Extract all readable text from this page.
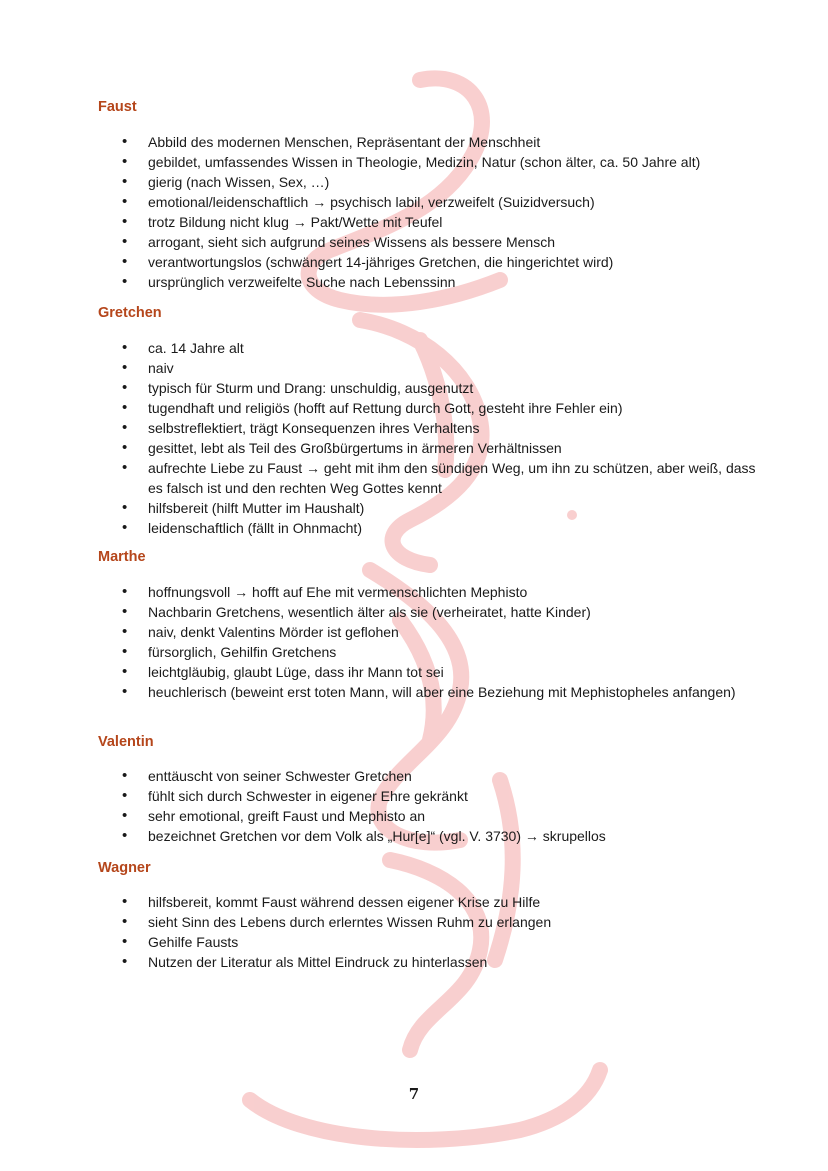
Faust
• Abbild des modernen Menschen, Repräsentant der Menschheit
• gebildet, umfassendes Wissen in Theologie, Medizin, Natur (schon älter, ca. 50 Jahre alt)
• gierig (nach Wissen, Sex, …)
• emotional/leidenschaftlich → psychisch labil, verzweifelt (Suizidversuch)
• trotz Bildung nicht klug → Pakt/Wette mit Teufel
• arrogant, sieht sich aufgrund seines Wissens als bessere Mensch
• verantwortungslos (schwängert 14-jähriges Gretchen, die hingerichtet wird)
• ursprünglich verzweifelte Suche nach Lebenssinn
Gretchen
• ca. 14 Jahre alt
• naiv
• typisch für Sturm und Drang: unschuldig, ausgenutzt
• tugendhaft und religiös (hofft auf Rettung durch Gott, gesteht ihre Fehler ein)
• selbstreflektiert, trägt Konsequenzen ihres Verhaltens
• gesittet, lebt als Teil des Großbürgertums in ärmeren Verhältnissen
• aufrechte Liebe zu Faust → geht mit ihm den sündigen Weg, um ihn zu schützen, aber weiß, dass es falsch ist und den rechten Weg Gottes kennt
• hilfsbereit (hilft Mutter im Haushalt)
• leidenschaftlich (fällt in Ohnmacht)
Marthe
• hoffnungsvoll → hofft auf Ehe mit vermenschlichten Mephisto
• Nachbarin Gretchens, wesentlich älter als sie (verheiratet, hatte Kinder)
• naiv, denkt Valentins Mörder ist geflohen
• fürsorglich, Gehilfin Gretchens
• leichtgläubig, glaubt Lüge, dass ihr Mann tot sei
• heuchlerisch (beweint erst toten Mann, will aber eine Beziehung mit Mephistopheles anfangen)
Valentin
• enttäuscht von seiner Schwester Gretchen
• fühlt sich durch Schwester in eigener Ehre gekränkt
• sehr emotional, greift Faust und Mephisto an
• bezeichnet Gretchen vor dem Volk als „Hur[e]“ (vgl. V. 3730) → skrupellos
Wagner
• hilfsbereit, kommt Faust während dessen eigener Krise zu Hilfe
• sieht Sinn des Lebens durch erlerntes Wissen Ruhm zu erlangen
• Gehilfe Fausts
• Nutzen der Literatur als Mittel Eindruck zu hinterlassen
7
